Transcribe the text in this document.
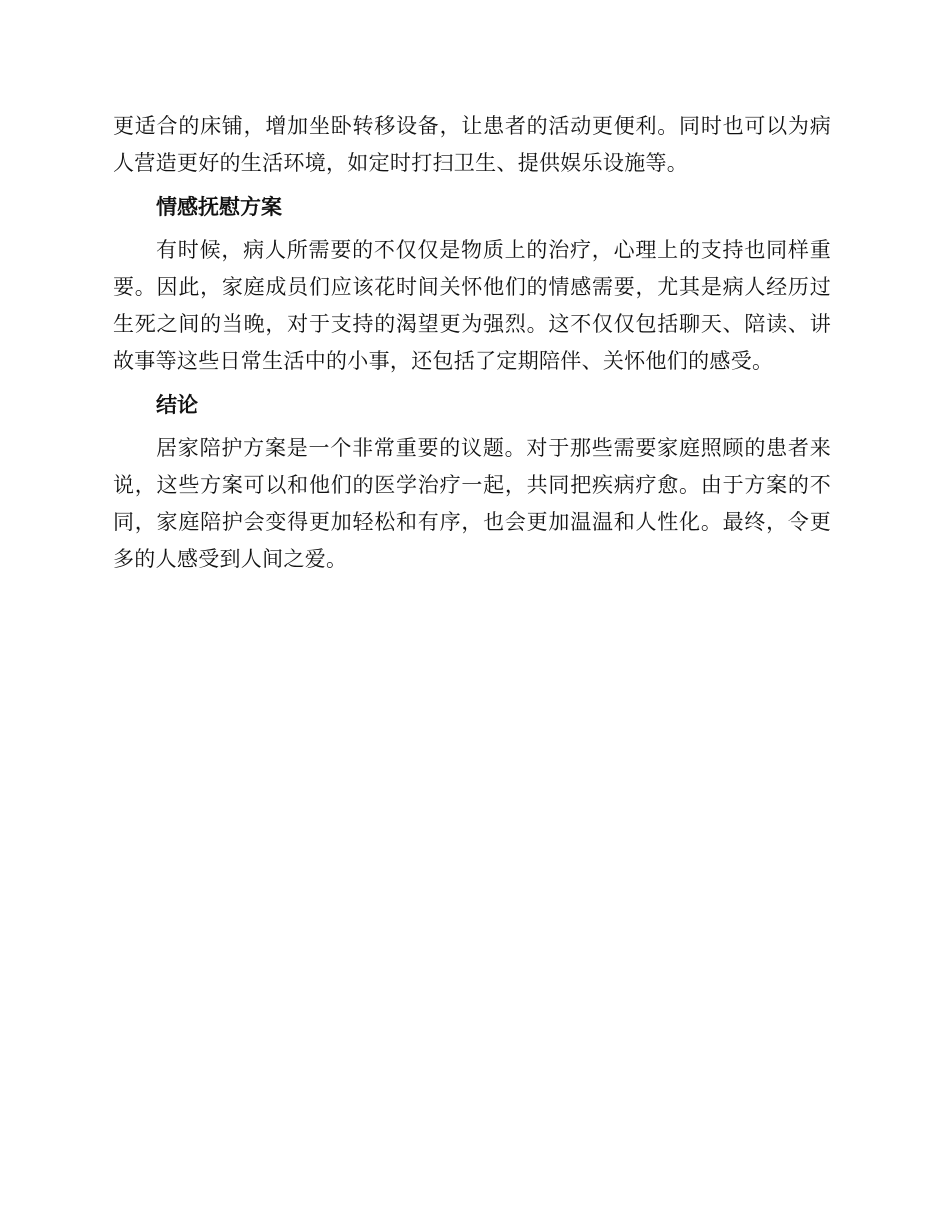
更适合的床铺，增加坐卧转移设备，让患者的活动更便利。同时也可以为病人营造更好的生活环境，如定时打扫卫生、提供娱乐设施等。

情感抚慰方案

有时候，病人所需要的不仅仅是物质上的治疗，心理上的支持也同样重要。因此，家庭成员们应该花时间关怀他们的情感需要，尤其是病人经历过生死之间的当晚，对于支持的渴望更为强烈。这不仅仅包括聊天、陪读、讲故事等这些日常生活中的小事，还包括了定期陪伴、关怀他们的感受。

结论

居家陪护方案是一个非常重要的议题。对于那些需要家庭照顾的患者来说，这些方案可以和他们的医学治疗一起，共同把疾病疗愈。由于方案的不同，家庭陪护会变得更加轻松和有序，也会更加温温和人性化。最终，令更多的人感受到人间之爱。
